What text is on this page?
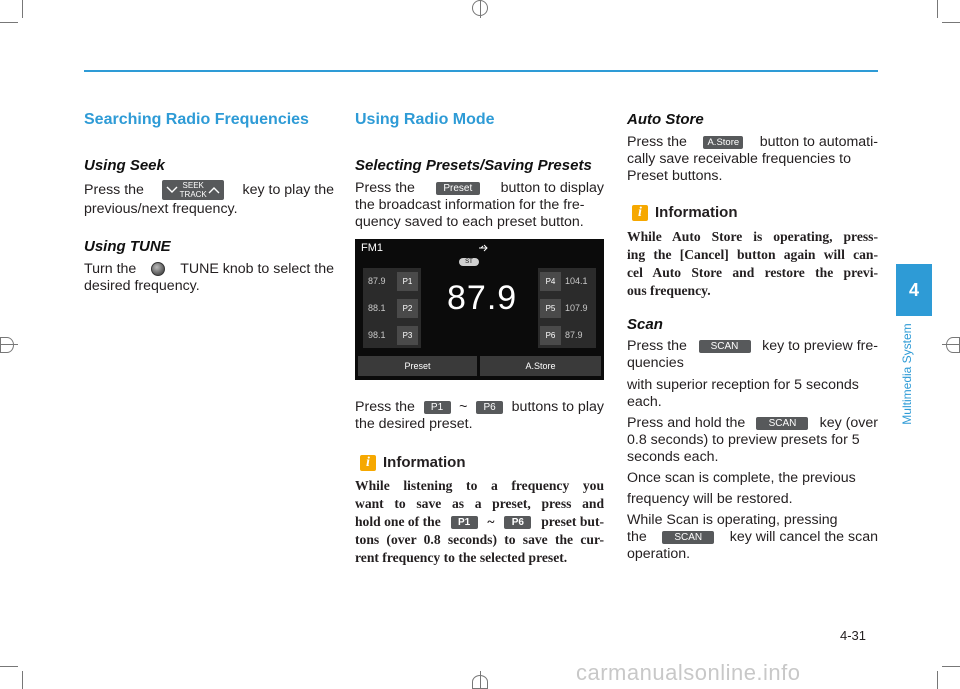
Searching Radio Frequencies
Using Seek
Press the	SEEK
TRACK	key to play the
previous/next frequency.
Using TUNE
Turn the	TUNE knob to select the
desired frequency.
Using Radio Mode
Selecting Presets/Saving Presets
Press the	Preset	button to display
the broadcast information for the fre-
quency saved to each preset button.
FM1
ST
87.9
87.9	P1
88.1	P2
98.1	P3
P4	104.1
P5	107.9
P6	87.9
Preset	A.Store
Press the	P1	~	P6	buttons to play
the desired preset.
i Information
While listening to a frequency you
want to save as a preset, press and
hold one of the	P1	~	P6	preset but-
tons (over 0.8 seconds) to save the cur-
rent frequency to the selected preset.
Auto Store
Press the	A.Store button to automati-
cally save receivable frequencies to
Preset buttons.
i Information
While Auto Store is operating, press-
ing the [Cancel] button again will can-
cel Auto Store and restore the previ-
ous frequency.
Scan
Press the	SCAN	key to preview fre-
quencies
with superior reception for 5 seconds
each.
Press and hold the	SCAN	key (over
0.8 seconds) to preview presets for 5
seconds each.
Once scan is complete, the previous
frequency will be restored.
While Scan is operating, pressing
the	SCAN	key will cancel the scan
operation.
4
Multimedia System
4-31
carmanualsonline.info
